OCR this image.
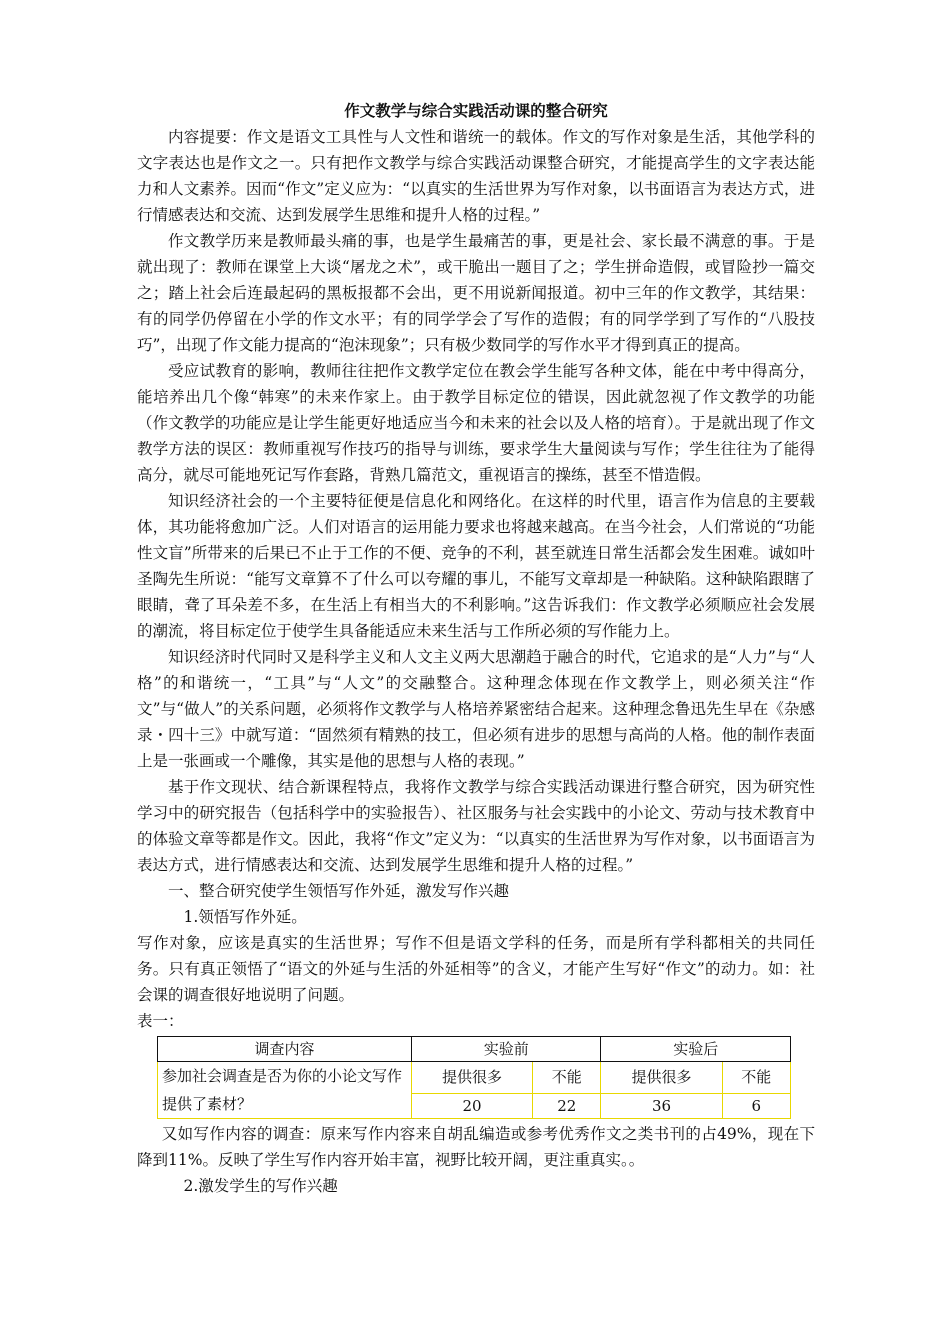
作文教学与综合实践活动课的整合研究

内容提要：作文是语文工具性与人文性和谐统一的载体。作文的写作对象是生活，其他学科的文字表达也是作文之一。只有把作文教学与综合实践活动课整合研究，才能提高学生的文字表达能力和人文素养。因而“作文”定义应为：“以真实的生活世界为写作对象，以书面语言为表达方式，进行情感表达和交流、达到发展学生思维和提升人格的过程。”

作文教学历来是教师最头痛的事，也是学生最痛苦的事，更是社会、家长最不满意的事。于是就出现了：教师在课堂上大谈“屠龙之术”，或干脆出一题目了之；学生拼命造假，或冒险抄一篇交之；踏上社会后连最起码的黑板报都不会出，更不用说新闻报道。初中三年的作文教学，其结果：有的同学仍停留在小学的作文水平；有的同学学会了写作的造假；有的同学学到了写作的“八股技巧”，出现了作文能力提高的“泡沫现象”；只有极少数同学的写作水平才得到真正的提高。

受应试教育的影响，教师往往把作文教学定位在教会学生能写各种文体，能在中考中得高分，能培养出几个像“韩寒”的未来作家上。由于教学目标定位的错误，因此就忽视了作文教学的功能（作文教学的功能应是让学生能更好地适应当今和未来的社会以及人格的培育）。于是就出现了作文教学方法的误区：教师重视写作技巧的指导与训练，要求学生大量阅读与写作；学生往往为了能得高分，就尽可能地死记写作套路，背熟几篇范文，重视语言的操练，甚至不惜造假。

知识经济社会的一个主要特征便是信息化和网络化。在这样的时代里，语言作为信息的主要载体，其功能将愈加广泛。人们对语言的运用能力要求也将越来越高。在当今社会，人们常说的“功能性文盲”所带来的后果已不止于工作的不便、竞争的不利，甚至就连日常生活都会发生困难。诚如叶圣陶先生所说：“能写文章算不了什么可以夸耀的事儿，不能写文章却是一种缺陷。这种缺陷跟瞎了眼睛，聋了耳朵差不多，在生活上有相当大的不利影响。”这告诉我们：作文教学必须顺应社会发展的潮流，将目标定位于使学生具备能适应未来生活与工作所必须的写作能力上。

知识经济时代同时又是科学主义和人文主义两大思潮趋于融合的时代，它追求的是“人力”与“人格”的和谐统一，“工具”与“人文”的交融整合。这种理念体现在作文教学上，则必须关注“作文”与“做人”的关系问题，必须将作文教学与人格培养紧密结合起来。这种理念鲁迅先生早在《杂感录・四十三》中就写道：“固然须有精熟的技工，但必须有进步的思想与高尚的人格。他的制作表面上是一张画或一个雕像，其实是他的思想与人格的表现。”

基于作文现状、结合新课程特点，我将作文教学与综合实践活动课进行整合研究，因为研究性学习中的研究报告（包括科学中的实验报告）、社区服务与社会实践中的小论文、劳动与技术教育中的体验文章等都是作文。因此，我将“作文”定义为：“以真实的生活世界为写作对象，以书面语言为表达方式，进行情感表达和交流、达到发展学生思维和提升人格的过程。”

一、整合研究使学生领悟写作外延，激发写作兴趣

1.领悟写作外延。

写作对象，应该是真实的生活世界；写作不但是语文学科的任务，而是所有学科都相关的共同任务。只有真正领悟了“语文的外延与生活的外延相等”的含义，才能产生写好“作文”的动力。如：社会课的调查很好地说明了问题。

表一：

调查内容	实验前		实验后	
参加社会调查是否为你的小论文写作提供了素材？	提供很多	不能	提供很多	不能
	20	22	36	6

又如写作内容的调查：原来写作内容来自胡乱编造或参考优秀作文之类书刊的占49%，现在下降到11%。反映了学生写作内容开始丰富，视野比较开阔，更注重真实。。

2.激发学生的写作兴趣
